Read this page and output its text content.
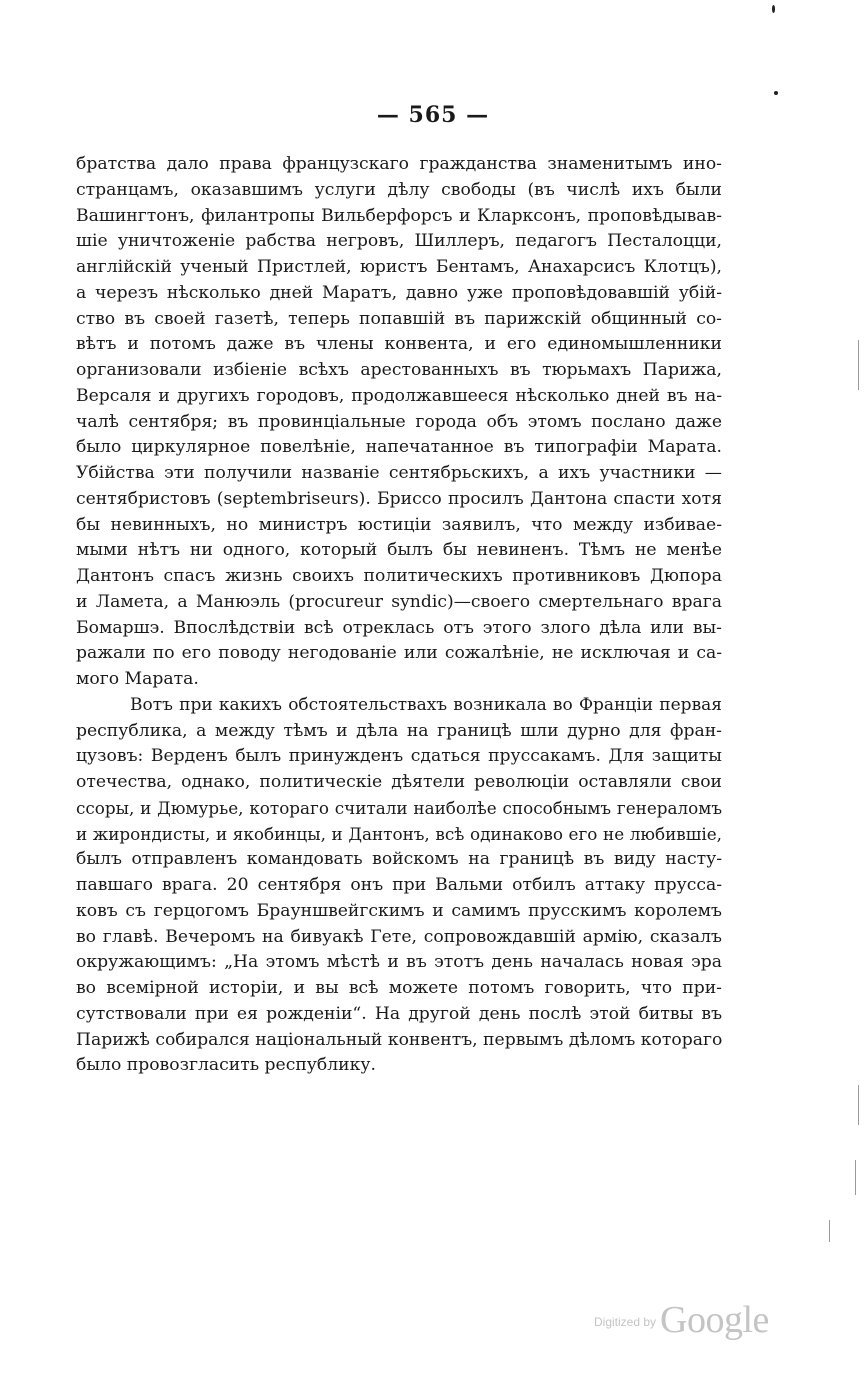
— 565 —
братства дало права французскаго гражданства знаменитымъ ино-
странцамъ, оказавшимъ услуги дѣлу свободы (въ числѣ ихъ были
Вашингтонъ, филантропы Вильберфорсъ и Кларксонъ, проповѣдывав-
шіе уничтоженіе рабства негровъ, Шиллеръ, педагогъ Песталоцци,
англійскій ученый Пристлей, юристъ Бентамъ, Анахарсисъ Клотцъ),
а черезъ нѣсколько дней Маратъ, давно уже проповѣдовавшій убій-
ство въ своей газетѣ, теперь попавшій въ парижскій общинный со-
вѣтъ и потомъ даже въ члены конвента, и его единомышленники
организовали избіеніе всѣхъ арестованныхъ въ тюрьмахъ Парижа,
Версаля и другихъ городовъ, продолжавшееся нѣсколько дней въ на-
чалѣ сентября; въ провинціальные города объ этомъ послано даже
было циркулярное повелѣніе, напечатанное въ типографіи Марата.
Убійства эти получили названіе сентябрьскихъ, а ихъ участники —
сентябристовъ (septembriseurs). Бриссо просилъ Дантона спасти хотя
бы невинныхъ, но министръ юстиціи заявилъ, что между избивае-
мыми нѣтъ ни одного, который былъ бы невиненъ. Тѣмъ не менѣе
Дантонъ спасъ жизнь своихъ политическихъ противниковъ Дюпора
и Ламета, а Манюэль (procureur syndic)—своего смертельнаго врага
Бомаршэ. Впослѣдствіи всѣ отреклась отъ этого злого дѣла или вы-
ражали по его поводу негодованіе или сожалѣніе, не исключая и са-
мого Марата.
Вотъ при какихъ обстоятельствахъ возникала во Франціи первая
республика, а между тѣмъ и дѣла на границѣ шли дурно для фран-
цузовъ: Верденъ былъ принужденъ сдаться пруссакамъ. Для защиты
отечества, однако, политическіе дѣятели революціи оставляли свои
ссоры, и Дюмурье, котораго считали наиболѣе способнымъ генераломъ
и жирондисты, и якобинцы, и Дантонъ, всѣ одинаково его не любившіе,
былъ отправленъ командовать войскомъ на границѣ въ виду насту-
павшаго врага. 20 сентября онъ при Вальми отбилъ аттаку прусса-
ковъ съ герцогомъ Брауншвейгскимъ и самимъ прусскимъ королемъ
во главѣ. Вечеромъ на бивуакѣ Гете, сопровождавшій армію, сказалъ
окружающимъ: „На этомъ мѣстѣ и въ этотъ день началась новая эра
во всемірной исторіи, и вы всѣ можете потомъ говорить, что при-
сутствовали при ея рожденіи“. На другой день послѣ этой битвы въ
Парижѣ собирался національный конвентъ, первымъ дѣломъ котораго
было провозгласить республику.
$^{Digitized by}$ Google
